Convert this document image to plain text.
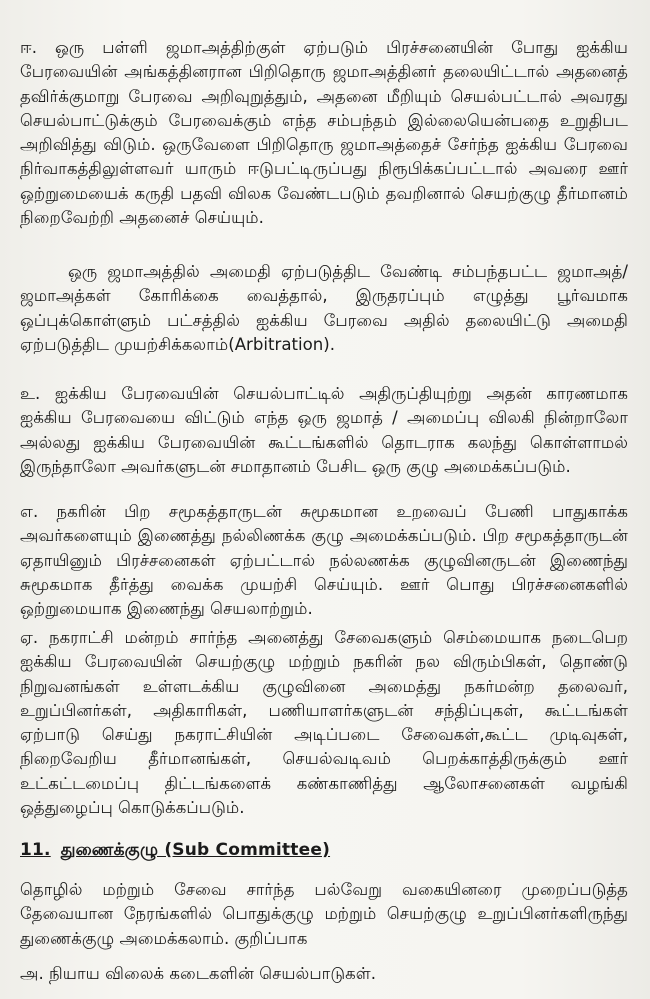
ஈ. ஒரு பள்ளி ஜமாஅத்திற்குள் ஏற்படும் பிரச்சனையின் போது ஐக்கிய பேரவையின் அங்கத்தினரான பிறிதொரு ஜமாஅத்தினர் தலையிட்டால் அதனைத் தவிர்க்குமாறு பேரவை அறிவுறுத்தும், அதனை மீறியும் செயல்பட்டால் அவரது செயல்பாட்டுக்கும் பேரவைக்கும் எந்த சம்பந்தம் இல்லையென்பதை உறுதிபட அறிவித்து விடும். ஒருவேளை பிறிதொரு ஜமாஅத்தைச் சேர்ந்த ஐக்கிய பேரவை நிர்வாகத்திலுள்ளவர் யாரும் ஈடுபட்டிருப்பது நிரூபிக்கப்பட்டால் அவரை ஊர் ஒற்றுமையைக் கருதி பதவி விலக வேண்டபடும் தவறினால் செயற்குழு தீர்மானம் நிறைவேற்றி அதனைச் செய்யும்.

ஒரு ஜமாஅத்தில் அமைதி ஏற்படுத்திட வேண்டி சம்பந்தபட்ட ஜமாஅத்/ஜமாஅத்கள் கோரிக்கை வைத்தால், இருதரப்பும் எழுத்து பூர்வமாக ஒப்புக்கொள்ளும் பட்சத்தில் ஐக்கிய பேரவை அதில் தலையிட்டு அமைதி ஏற்படுத்திட முயற்சிக்கலாம்(Arbitration).

உ. ஐக்கிய பேரவையின் செயல்பாட்டில் அதிருப்தியுற்று அதன் காரணமாக ஐக்கிய பேரவையை விட்டும் எந்த ஒரு ஜமாத் / அமைப்பு விலகி நின்றாலோ அல்லது ஐக்கிய பேரவையின் கூட்டங்களில் தொடராக கலந்து கொள்ளாமல் இருந்தாலோ அவர்களுடன் சமாதானம் பேசிட ஒரு குழு அமைக்கப்படும்.

எ. நகரின் பிற சமூகத்தாருடன் சுமூகமான உறவைப் பேணி பாதுகாக்க அவர்களையும் இணைத்து நல்லிணக்க குழு அமைக்கப்படும். பிற சமூகத்தாருடன் ஏதாயினும் பிரச்சனைகள் ஏற்பட்டால் நல்லணக்க குழுவினருடன் இணைந்து சுமூகமாக தீர்த்து வைக்க முயற்சி செய்யும். ஊர் பொது பிரச்சனைகளில் ஒற்றுமையாக இணைந்து செயலாற்றும்.

ஏ. நகராட்சி மன்றம் சார்ந்த அனைத்து சேவைகளும் செம்மையாக நடைபெற ஐக்கிய பேரவையின் செயற்குழு மற்றும் நகரின் நல விரும்பிகள், தொண்டு நிறுவனங்கள் உள்ளடக்கிய குழுவினை அமைத்து நகர்மன்ற தலைவர், உறுப்பினர்கள், அதிகாரிகள், பணியாளர்களுடன் சந்திப்புகள், கூட்டங்கள் ஏற்பாடு செய்து நகராட்சியின் அடிப்படை சேவைகள்,கூட்ட முடிவுகள், நிறைவேறிய தீர்மானங்கள், செயல்வடிவம் பெறக்காத்திருக்கும் ஊர் உட்கட்டமைப்பு திட்டங்களைக் கண்காணித்து ஆலோசனைகள் வழங்கி ஒத்துழைப்பு கொடுக்கப்படும்.

11. துணைக்குழு (Sub Committee)

தொழில் மற்றும் சேவை சார்ந்த பல்வேறு வகையினரை முறைப்படுத்த தேவையான நேரங்களில் பொதுக்குழு மற்றும் செயற்குழு உறுப்பினர்களிருந்து துணைக்குழு அமைக்கலாம். குறிப்பாக

அ. நியாய விலைக் கடைகளின் செயல்பாடுகள்.
